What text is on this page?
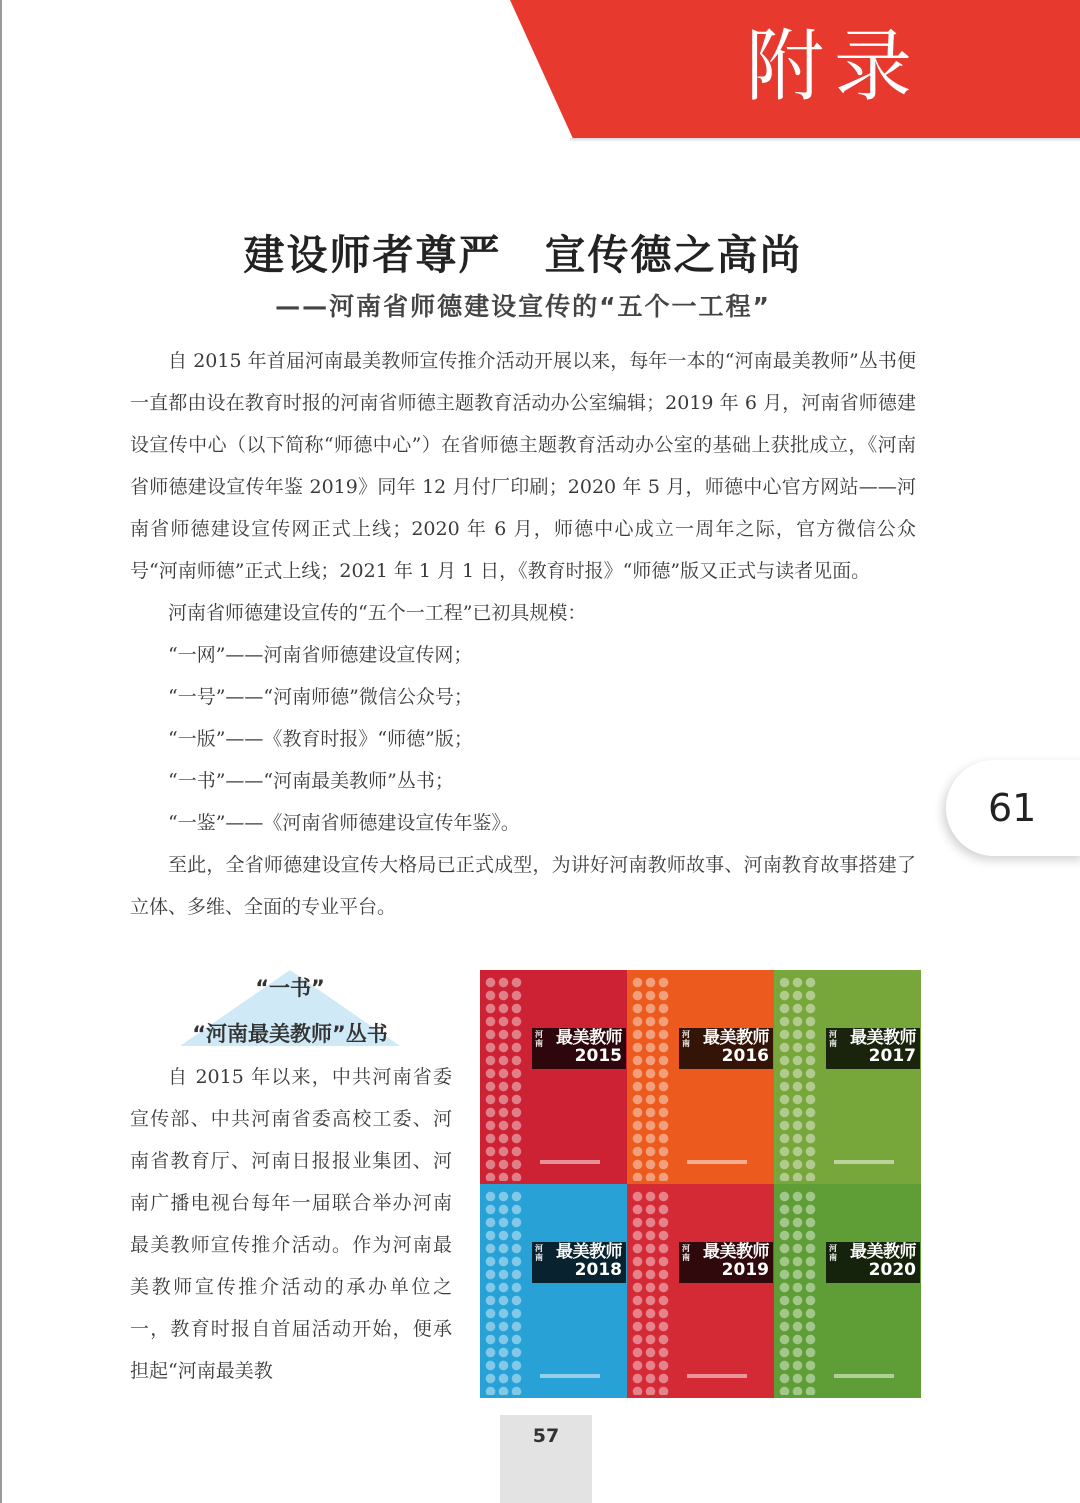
附录
61
建设师者尊严　宣传德之高尚
——河南省师德建设宣传的“五个一工程”

自 2015 年首届河南最美教师宣传推介活动开展以来，每年一本的“河南最美教师”丛书便一直都由设在教育时报的河南省师德主题教育活动办公室编辑；2019 年 6 月，河南省师德建设宣传中心（以下简称“师德中心”）在省师德主题教育活动办公室的基础上获批成立，《河南省师德建设宣传年鉴 2019》同年 12 月付厂印刷；2020 年 5 月，师德中心官方网站——河南省师德建设宣传网正式上线；2020 年 6 月，师德中心成立一周年之际，官方微信公众号“河南师德”正式上线；2021 年 1 月 1 日，《教育时报》“师德”版又正式与读者见面。

河南省师德建设宣传的“五个一工程”已初具规模：

“一网”——河南省师德建设宣传网；

“一号”——“河南师德”微信公众号；

“一版”——《教育时报》“师德”版；

“一书”——“河南最美教师”丛书；

“一鉴”——《河南省师德建设宣传年鉴》。

至此，全省师德建设宣传大格局已正式成型，为讲好河南教师故事、河南教育故事搭建了立体、多维、全面的专业平台。

“一书”
“河南最美教师”丛书

自 2015 年以来，中共河南省委宣传部、中共河南省委高校工委、河南省教育厅、河南日报报业集团、河南广播电视台每年一届联合举办河南最美教师宣传推介活动。作为河南最美教师宣传推介活动的承办单位之一，教育时报自首届活动开始，便承担起“河南最美教

河南 最美教师
2015
河南 最美教师
2016
河南 最美教师
2017
河南 最美教师
2018
河南 最美教师
2019
河南 最美教师
2020
57
